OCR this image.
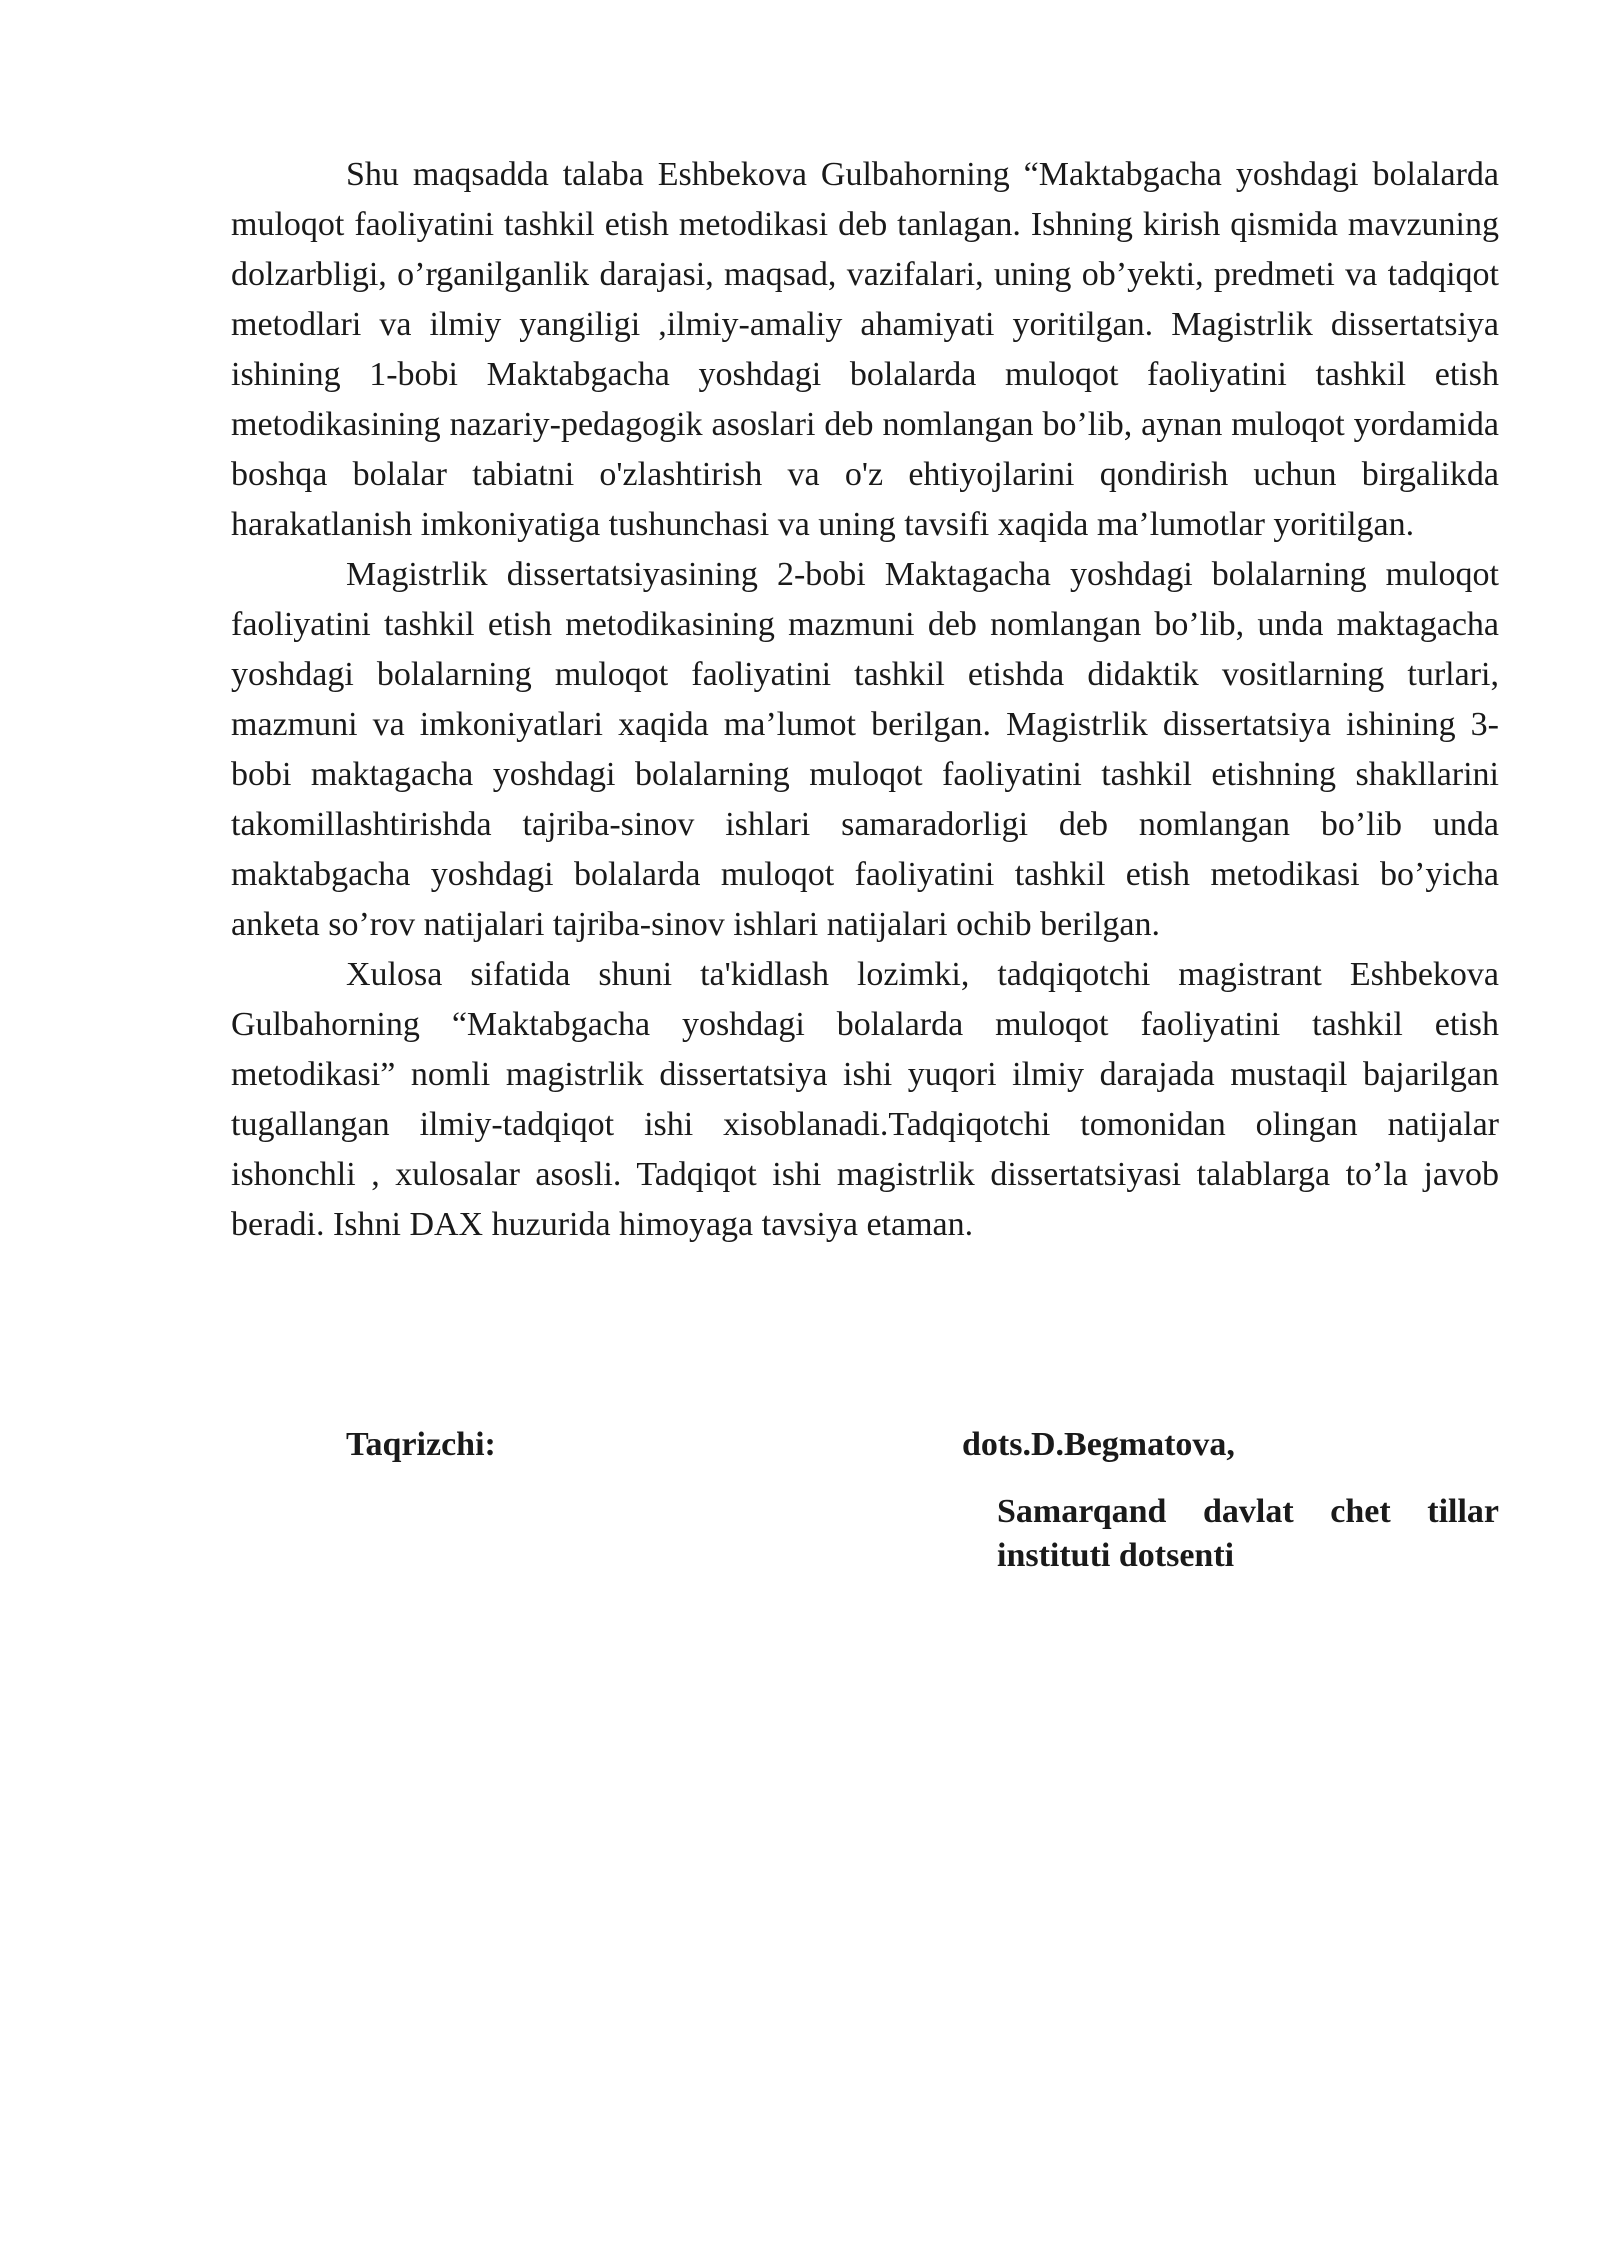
Shu maqsadda talaba Eshbekova Gulbahorning “Maktabgacha yoshdagi bolalarda muloqot faoliyatini tashkil etish metodikasi deb tanlagan. Ishning kirish qismida mavzuning dolzarbligi, o’rganilganlik darajasi, maqsad, vazifalari, uning ob’yekti, predmeti va tadqiqot metodlari va ilmiy yangiligi ,ilmiy-amaliy ahamiyati yoritilgan. Magistrlik dissertatsiya ishining 1-bobi Maktabgacha yoshdagi bolalarda muloqot faoliyatini tashkil etish metodikasining nazariy-pedagogik asoslari deb nomlangan bo’lib, aynan muloqot yordamida boshqa bolalar tabiatni o'zlashtirish va o'z ehtiyojlarini qondirish uchun birgalikda harakatlanish imkoniyatiga tushunchasi va uning tavsifi xaqida ma’lumotlar yoritilgan.

Magistrlik dissertatsiyasining 2-bobi Maktagacha yoshdagi bolalarning muloqot faoliyatini tashkil etish metodikasining mazmuni deb nomlangan bo’lib, unda maktagacha yoshdagi bolalarning muloqot faoliyatini tashkil etishda didaktik vositlarning turlari, mazmuni va imkoniyatlari xaqida ma’lumot berilgan. Magistrlik dissertatsiya ishining 3-bobi maktagacha yoshdagi bolalarning muloqot faoliyatini tashkil etishning shakllarini takomillashtirishda tajriba-sinov ishlari samaradorligi deb nomlangan bo’lib unda maktabgacha yoshdagi bolalarda muloqot faoliyatini tashkil etish metodikasi bo’yicha anketa so’rov natijalari tajriba-sinov ishlari natijalari ochib berilgan.

Xulosa sifatida shuni ta'kidlash lozimki, tadqiqotchi magistrant Eshbekova Gulbahorning “Maktabgacha yoshdagi bolalarda muloqot faoliyatini tashkil etish metodikasi” nomli magistrlik dissertatsiya ishi yuqori ilmiy darajada mustaqil bajarilgan tugallangan ilmiy-tadqiqot ishi xisoblanadi.Tadqiqotchi tomonidan olingan natijalar ishonchli , xulosalar asosli. Tadqiqot ishi magistrlik dissertatsiyasi talablarga to’la javob beradi. Ishni DAX huzurida himoyaga tavsiya etaman.

Taqrizchi:	dots.D.Begmatova,
Samarqand davlat chet tillar
instituti dotsenti
